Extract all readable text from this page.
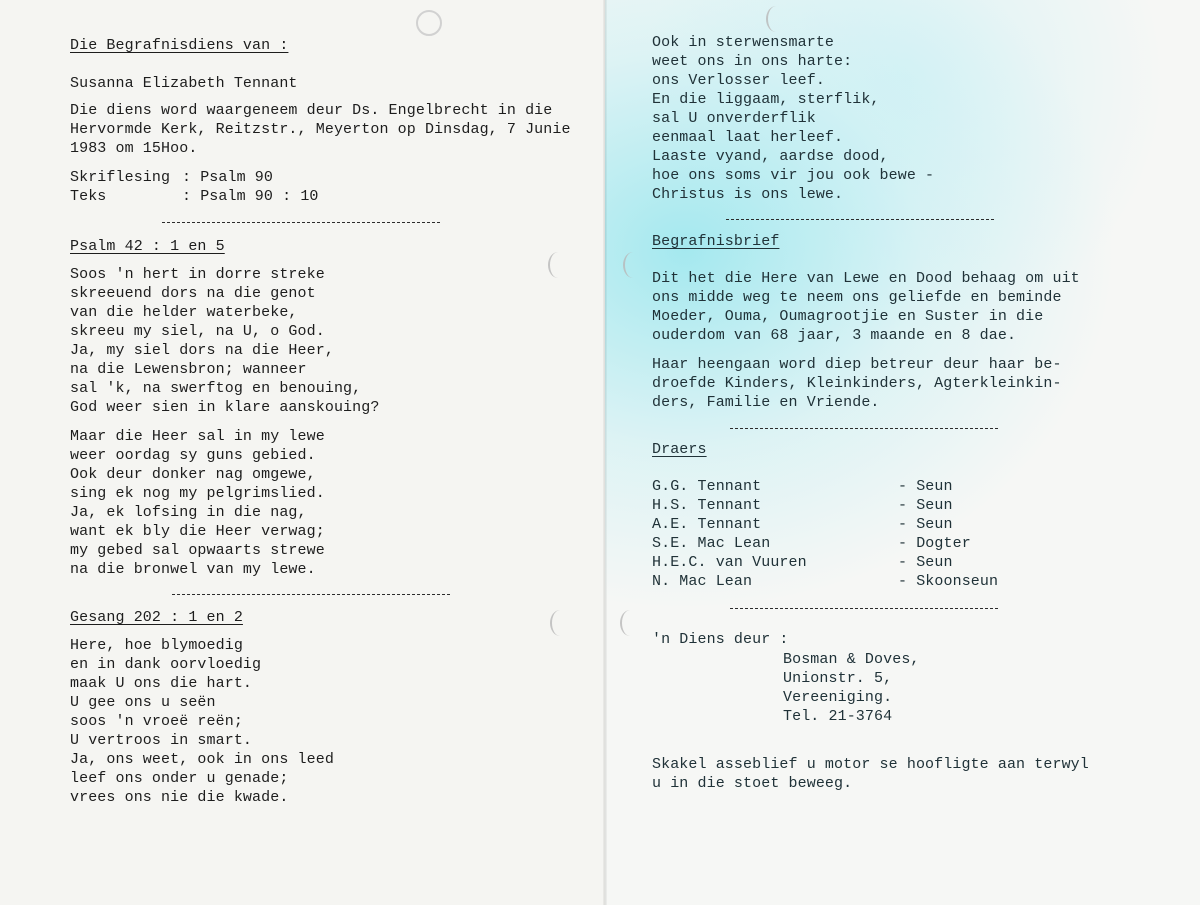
Die Begrafnisdiens van :
Susanna Elizabeth Tennant
Die diens word waargeneem deur Ds. Engelbrecht in die
Hervormde Kerk, Reitzstr., Meyerton op Dinsdag, 7 Junie
1983 om 15Hoo.
Skriflesing : Psalm 90
Teks	: Psalm 90 : 10
Psalm 42 : 1 en 5
Soos 'n hert in dorre streke
skreeuend dors na die genot
van die helder waterbeke,
skreeu my siel, na U, o God.
Ja, my siel dors na die Heer,
na die Lewensbron; wanneer
sal 'k, na swerftog en benouing,
God weer sien in klare aanskouing?
Maar die Heer sal in my lewe
weer oordag sy guns gebied.
Ook deur donker nag omgewe,
sing ek nog my pelgrimslied.
Ja, ek lofsing in die nag,
want ek bly die Heer verwag;
my gebed sal opwaarts strewe
na die bronwel van my lewe.
Gesang 202 : 1 en 2
Here, hoe blymoedig
en in dank oorvloedig
maak U ons die hart.
U gee ons u seën
soos 'n vroeë reën;
U vertroos in smart.
Ja, ons weet, ook in ons leed
leef ons onder u genade;
vrees ons nie die kwade.
Ook in sterwensmarte
weet ons in ons harte:
ons Verlosser leef.
En die liggaam, sterflik,
sal U onverderflik
eenmaal laat herleef.
Laaste vyand, aardse dood,
hoe ons soms vir jou ook bewe -
Christus is ons lewe.
Begrafnisbrief
Dit het die Here van Lewe en Dood behaag om uit
ons midde weg te neem ons geliefde en beminde
Moeder, Ouma, Oumagrootjie en Suster in die
ouderdom van 68 jaar, 3 maande en 8 dae.
Haar heengaan word diep betreur deur haar be-
droefde Kinders, Kleinkinders, Agterkleinkin-
ders, Familie en Vriende.
Draers
G.G. Tennant	- Seun
H.S. Tennant	- Seun
A.E. Tennant	- Seun
S.E. Mac Lean	- Dogter
H.E.C. van Vuuren	- Seun
N. Mac Lean	- Skoonseun
'n Diens deur :
Bosman & Doves,
Unionstr. 5,
Vereeniging.
Tel. 21-3764
Skakel asseblief u motor se hoofligte aan terwyl
u in die stoet beweeg.
